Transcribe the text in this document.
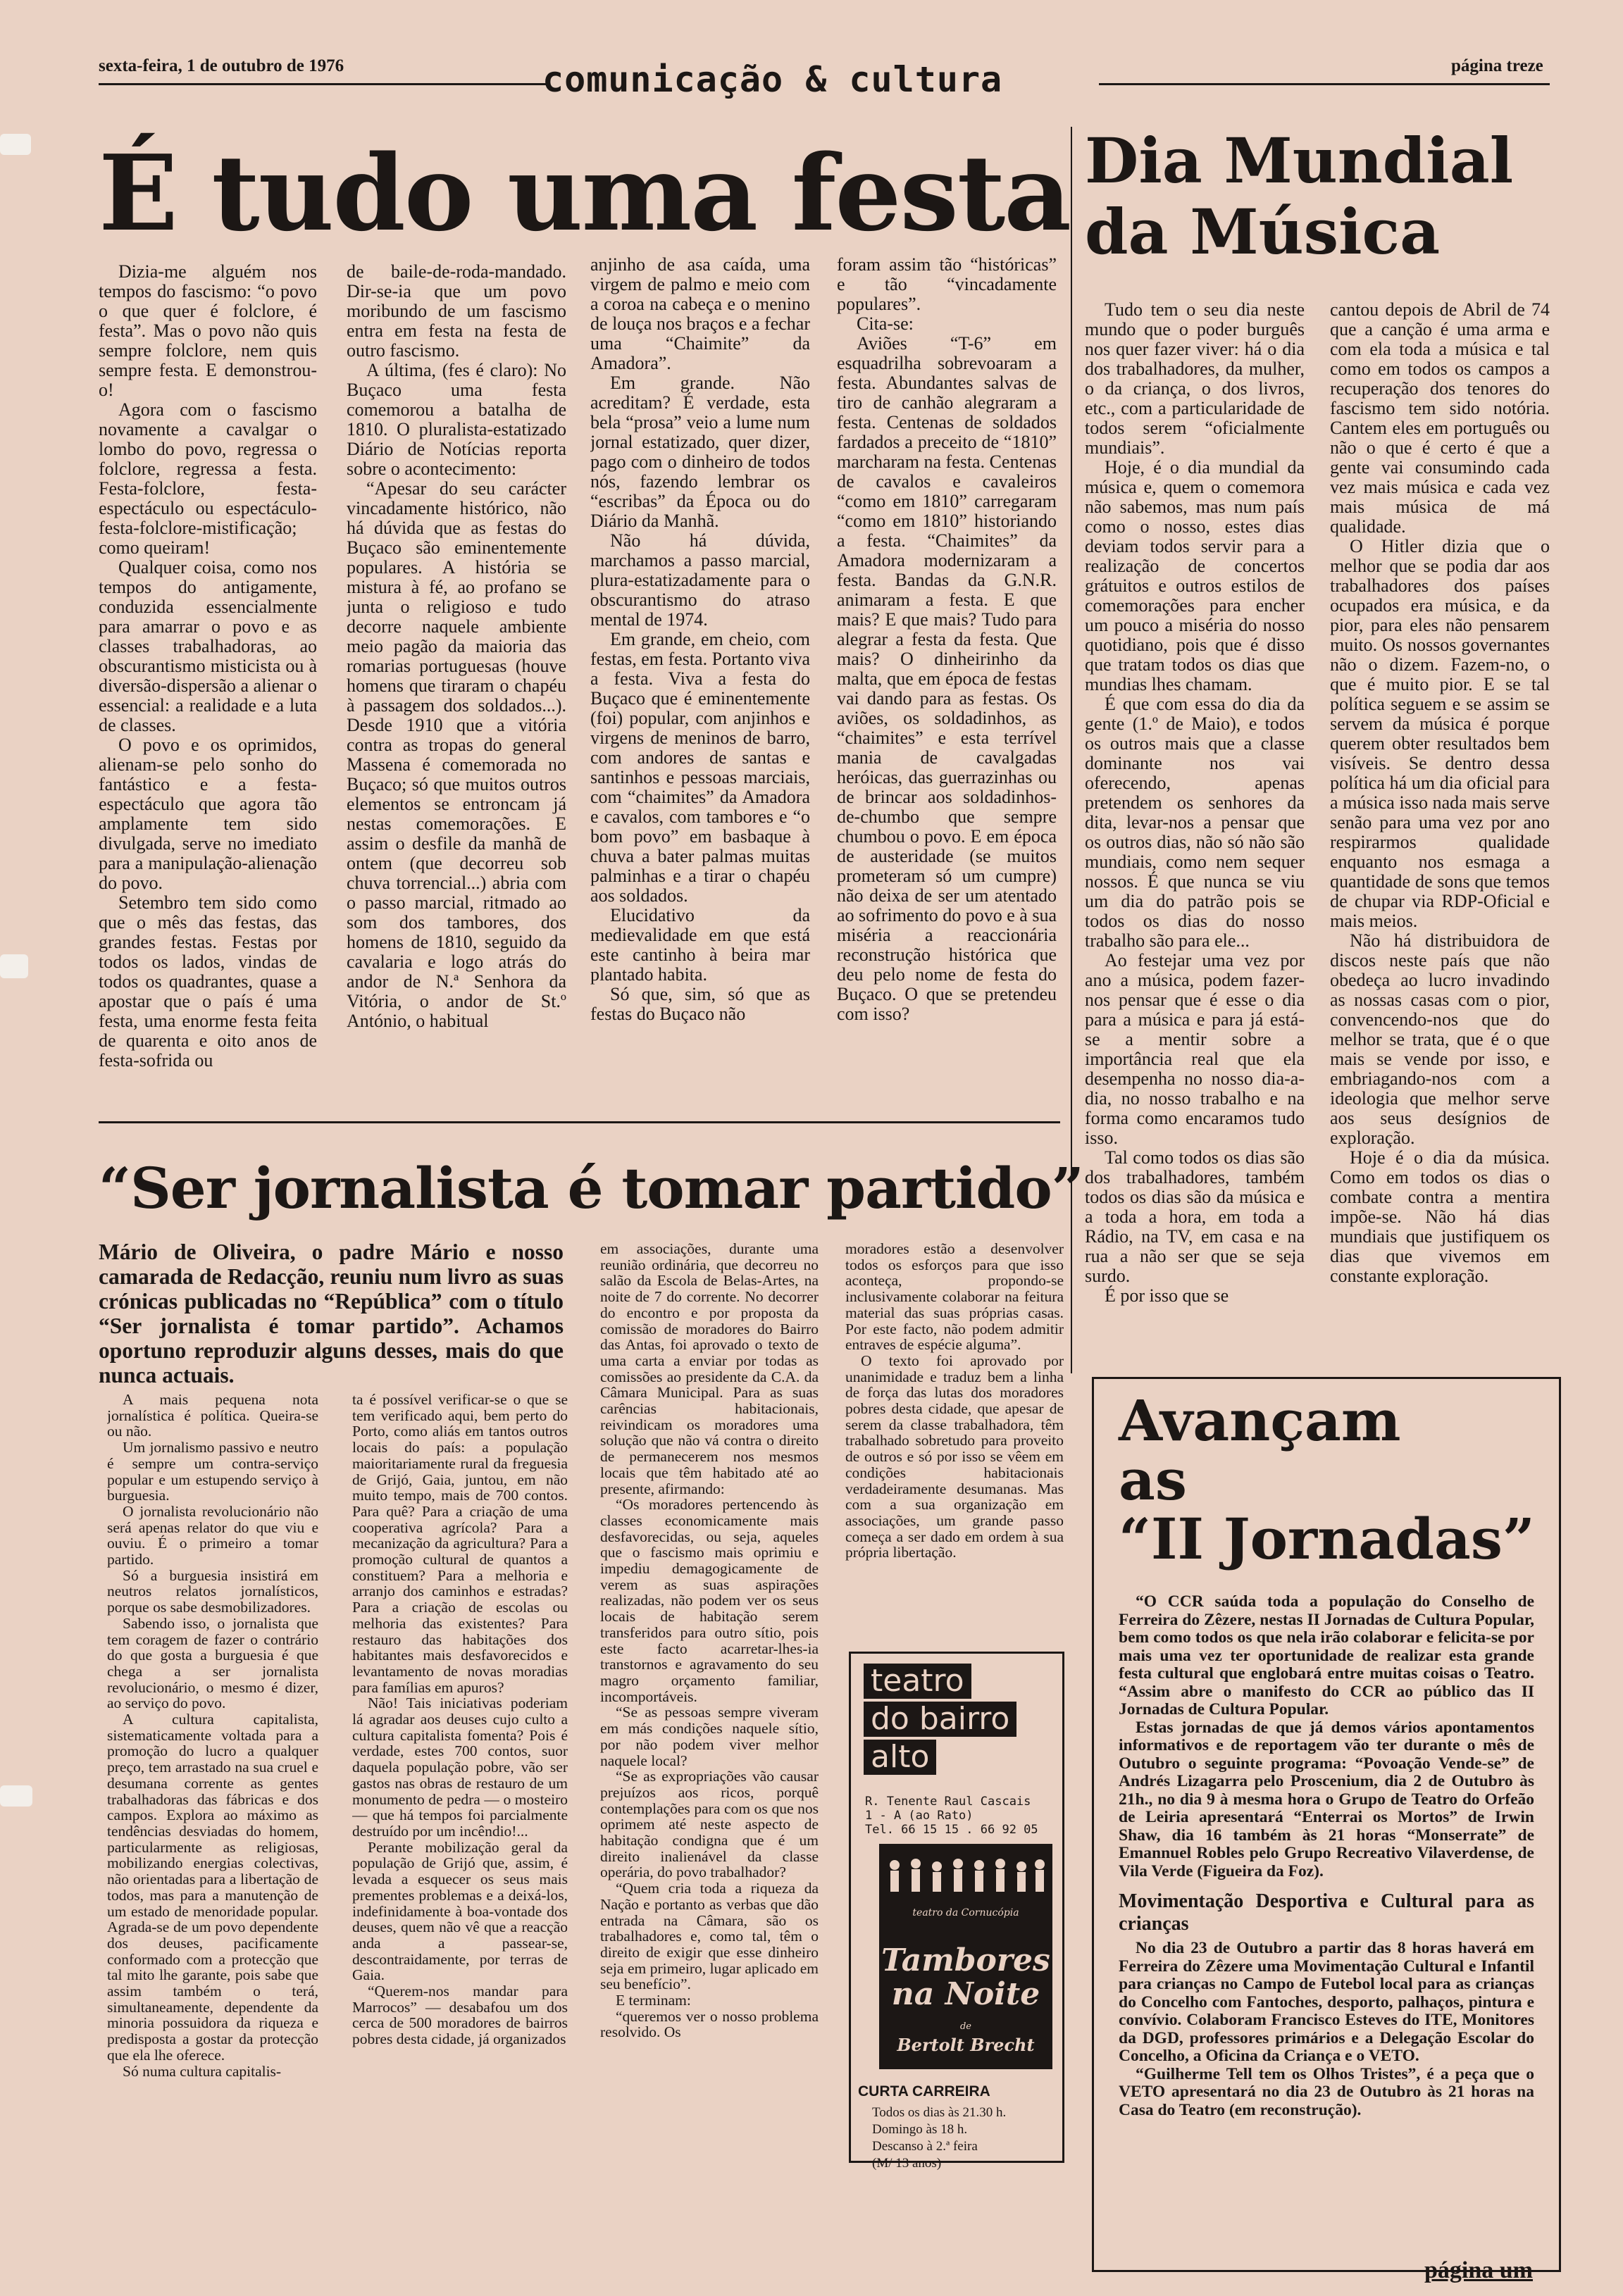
sexta-feira, 1 de outubro de 1976	comunicação & cultura	página treze
É tudo uma festa

Dizia-me alguém nos tempos do fascismo: “o povo o que quer é folclore, é festa”. Mas o povo não quis sempre folclore, nem quis sempre festa. E demonstrou-o!

Agora com o fascismo novamente a cavalgar o lombo do povo, regressa o folclore, regressa a festa. Festa-folclore, festa-espectáculo ou espectáculo-festa-folclore-mistificação; como queiram!

Qualquer coisa, como nos tempos do antigamente, conduzida essencialmente para amarrar o povo e as classes trabalhadoras, ao obscurantismo misticista ou à diversão-dispersão a alienar o essencial: a realidade e a luta de classes.

O povo e os oprimidos, alienam-se pelo sonho do fantástico e a festa-espectáculo que agora tão amplamente tem sido divulgada, serve no imediato para a manipulação-alienação do povo.

Setembro tem sido como que o mês das festas, das grandes festas. Festas por todos os lados, vindas de todos os quadrantes, quase a apostar que o país é uma festa, uma enorme festa feita de quarenta e oito anos de festa-sofrida ou

de baile-de-roda-mandado. Dir-se-ia que um povo moribundo de um fascismo entra em festa na festa de outro fascismo.

A última, (fes é claro): No Buçaco uma festa comemorou a batalha de 1810. O pluralista-estatizado Diário de Notícias reporta sobre o acontecimento:

“Apesar do seu carácter vincadamente histórico, não há dúvida que as festas do Buçaco são eminentemente populares. A história se mistura à fé, ao profano se junta o religioso e tudo decorre naquele ambiente meio pagão da maioria das romarias portuguesas (houve homens que tiraram o chapéu à passagem dos soldados...). Desde 1910 que a vitória contra as tropas do general Massena é comemorada no Buçaco; só que muitos outros elementos se entroncam já nestas comemorações. E assim o desfile da manhã de ontem (que decorreu sob chuva torrencial...) abria com o passo marcial, ritmado ao som dos tambores, dos homens de 1810, seguido da cavalaria e logo atrás do andor de N.ª Senhora da Vitória, o andor de St.º António, o habitual

anjinho de asa caída, uma virgem de palmo e meio com a coroa na cabeça e o menino de louça nos braços e a fechar uma “Chaimite” da Amadora”.

Em grande. Não acreditam? É verdade, esta bela “prosa” veio a lume num jornal estatizado, quer dizer, pago com o dinheiro de todos nós, fazendo lembrar os “escribas” da Época ou do Diário da Manhã.

Não há dúvida, marchamos a passo marcial, plura-estatizadamente para o obscurantismo do atraso mental de 1974.

Em grande, em cheio, com festas, em festa. Portanto viva a festa. Viva a festa do Buçaco que é eminentemente (foi) popular, com anjinhos e virgens de meninos de barro, com andores de santas e santinhos e pessoas marciais, com “chaimites” da Amadora e cavalos, com tambores e “o bom povo” em basbaque à chuva a bater palmas muitas palminhas e a tirar o chapéu aos soldados.

Elucidativo da medievalidade em que está este cantinho à beira mar plantado habita.

Só que, sim, só que as festas do Buçaco não

foram assim tão “históricas” e tão “vincadamente populares”.

Cita-se:

Aviões “T-6” em esquadrilha sobrevoaram a festa. Abundantes salvas de tiro de canhão alegraram a festa. Centenas de soldados fardados a preceito de “1810” marcharam na festa. Centenas de cavalos e cavaleiros “como em 1810” carregaram “como em 1810” historiando a festa. “Chaimites” da Amadora modernizaram a festa. Bandas da G.N.R. animaram a festa. E que mais? E que mais? Tudo para alegrar a festa da festa. Que mais? O dinheirinho da malta, que em época de festas vai dando para as festas. Os aviões, os soldadinhos, as “chaimites” e esta terrível mania de cavalgadas heróicas, das guerrazinhas ou de brincar aos soldadinhos-de-chumbo que sempre chumbou o povo. E em época de austeridade (se muitos prometeram só um cumpre) não deixa de ser um atentado ao sofrimento do povo e à sua miséria a reaccionária reconstrução histórica que deu pelo nome de festa do Buçaco. O que se pretendeu com isso?

Dia Mundial
da Música

Tudo tem o seu dia neste mundo que o poder burguês nos quer fazer viver: há o dia dos trabalhadores, da mulher, o da criança, o dos livros, etc., com a particularidade de todos serem “oficialmente mundiais”.

Hoje, é o dia mundial da música e, quem o comemora não sabemos, mas num país como o nosso, estes dias deviam todos servir para a realização de concertos grátuitos e outros estilos de comemorações para encher um pouco a miséria do nosso quotidiano, pois que é disso que tratam todos os dias que mundias lhes chamam.

É que com essa do dia da gente (1.º de Maio), e todos os outros mais que a classe dominante nos vai oferecendo, apenas pretendem os senhores da dita, levar-nos a pensar que os outros dias, não só não são mundiais, como nem sequer nossos. É que nunca se viu um dia do patrão pois se todos os dias do nosso trabalho são para ele...

Ao festejar uma vez por ano a música, podem fazer-nos pensar que é esse o dia para a música e para já está-se a mentir sobre a importância real que ela desempenha no nosso dia-a-dia, no nosso trabalho e na forma como encaramos tudo isso.

Tal como todos os dias são dos trabalhadores, também todos os dias são da música e a toda a hora, em toda a Rádio, na TV, em casa e na rua a não ser que se seja surdo.

É por isso que se

cantou depois de Abril de 74 que a canção é uma arma e com ela toda a música e tal como em todos os campos a recuperação dos tenores do fascismo tem sido notória. Cantem eles em português ou não o que é certo é que a gente vai consumindo cada vez mais música e cada vez mais música de má qualidade.

O Hitler dizia que o melhor que se podia dar aos trabalhadores dos países ocupados era música, e da pior, para eles não pensarem muito. Os nossos governantes não o dizem. Fazem-no, o que é muito pior. E se tal política seguem e se assim se servem da música é porque querem obter resultados bem visíveis. Se dentro dessa política há um dia oficial para a música isso nada mais serve senão para uma vez por ano respirarmos qualidade enquanto nos esmaga a quantidade de sons que temos de chupar via RDP-Oficial e mais meios.

Não há distribuidora de discos neste país que não obedeça ao lucro invadindo as nossas casas com o pior, convencendo-nos que do melhor se trata, que é o que mais se vende por isso, e embriagando-nos com a ideologia que melhor serve aos seus desígnios de exploração.

Hoje é o dia da música. Como em todos os dias o combate contra a mentira impõe-se. Não há dias mundiais que justifiquem os dias que vivemos em constante exploração.

“Ser jornalista é tomar partido”
Mário de Oliveira, o padre Mário e nosso camarada de Redacção, reuniu num livro as suas crónicas publicadas no “República” com o título “Ser jornalista é tomar partido”. Achamos oportuno reproduzir alguns desses, mais do que nunca actuais.

A mais pequena nota jornalística é política. Queira-se ou não.

Um jornalismo passivo e neutro é sempre um contra-serviço popular e um estupendo serviço à burguesia.

O jornalista revolucionário não será apenas relator do que viu e ouviu. É o primeiro a tomar partido.

Só a burguesia insistirá em neutros relatos jornalísticos, porque os sabe desmobilizadores.

Sabendo isso, o jornalista que tem coragem de fazer o contrário do que gosta a burguesia é que chega a ser jornalista revolucionário, o mesmo é dizer, ao serviço do povo.

A cultura capitalista, sistematicamente voltada para a promoção do lucro a qualquer preço, tem arrastado na sua cruel e desumana corrente as gentes trabalhadoras das fábricas e dos campos. Explora ao máximo as tendências desviadas do homem, particularmente as religiosas, mobilizando energias colectivas, não orientadas para a libertação de todos, mas para a manutenção de um estado de menoridade popular. Agrada-se de um povo dependente dos deuses, pacificamente conformado com a protecção que tal mito lhe garante, pois sabe que assim também o terá, simultaneamente, dependente da minoria possuidora da riqueza e predisposta a gostar da protecção que ela lhe oferece.

Só numa cultura capitalis-

ta é possível verificar-se o que se tem verificado aqui, bem perto do Porto, como aliás em tantos outros locais do país: a população maioritariamente rural da freguesia de Grijó, Gaia, juntou, em não muito tempo, mais de 700 contos. Para quê? Para a criação de uma cooperativa agrícola? Para a mecanização da agricultura? Para a promoção cultural de quantos a constituem? Para a melhoria e arranjo dos caminhos e estradas? Para a criação de escolas ou melhoria das existentes? Para restauro das habitações dos habitantes mais desfavorecidos e levantamento de novas moradias para famílias em apuros?

Não! Tais iniciativas poderiam lá agradar aos deuses cujo culto a cultura capitalista fomenta? Pois é verdade, estes 700 contos, suor daquela população pobre, vão ser gastos nas obras de restauro de um monumento de pedra — o mosteiro — que há tempos foi parcialmente destruído por um incêndio!...

Perante mobilização geral da população de Grijó que, assim, é levada a esquecer os seus mais prementes problemas e a deixá-los, indefinidamente à boa-vontade dos deuses, quem não vê que a reacção anda a passear-se, descontraidamente, por terras de Gaia.

“Querem-nos mandar para Marrocos” — desabafou um dos cerca de 500 moradores de bairros pobres desta cidade, já organizados

em associações, durante uma reunião ordinária, que decorreu no salão da Escola de Belas-Artes, na noite de 7 do corrente. No decorrer do encontro e por proposta da comissão de moradores do Bairro das Antas, foi aprovado o texto de uma carta a enviar por todas as comissões ao presidente da C.A. da Câmara Municipal. Para as suas carências habitacionais, reivindicam os moradores uma solução que não vá contra o direito de permanecerem nos mesmos locais que têm habitado até ao presente, afirmando:

“Os moradores pertencendo às classes economicamente mais desfavorecidas, ou seja, aqueles que o fascismo mais oprimiu e impediu demagogicamente de verem as suas aspirações realizadas, não podem ver os seus locais de habitação serem transferidos para outro sítio, pois este facto acarretar-lhes-ia transtornos e agravamento do seu magro orçamento familiar, incomportáveis.

“Se as pessoas sempre viveram em más condições naquele sítio, por não podem viver melhor naquele local?

“Se as expropriações vão causar prejuízos aos ricos, porquê contemplações para com os que nos oprimem até neste aspecto de habitação condigna que é um direito inalienável da classe operária, do povo trabalhador?

“Quem cria toda a riqueza da Nação e portanto as verbas que dão entrada na Câmara, são os trabalhadores e, como tal, têm o direito de exigir que esse dinheiro seja em primeiro, lugar aplicado em seu benefício”.

E terminam:

“queremos ver o nosso problema resolvido. Os

moradores estão a desenvolver todos os esforços para que isso aconteça, propondo-se inclusivamente colaborar na feitura material das suas próprias casas. Por este facto, não podem admitir entraves de espécie alguma”.

O texto foi aprovado por unanimidade e traduz bem a linha de força das lutas dos moradores pobres desta cidade, que apesar de serem da classe trabalhadora, têm trabalhado sobretudo para proveito de outros e só por isso se vêem em condições habitacionais verdadeiramente desumanas. Mas com a sua organização em associações, um grande passo começa a ser dado em ordem à sua própria libertação.

teatro
do bairro
alto
R. Tenente Raul Cascais
1 - A (ao Rato)
Tel. 66 15 15 . 66 92 05
teatro da Cornucópia
Tambores
na Noite
de
Bertolt Brecht
CURTA CARREIRA
Todos os dias às 21.30 h.
Domingo às 18 h.
Descanso à 2.ª feira
(M/ 13 anos)
Avançam
as
“II Jornadas”

“O CCR saúda toda a população do Conselho de Ferreira do Zêzere, nestas II Jornadas de Cultura Popular, bem como todos os que nela irão colaborar e felicita-se por mais uma vez ter oportunidade de realizar esta grande festa cultural que englobará entre muitas coisas o Teatro. “Assim abre o manifesto do CCR ao público das II Jornadas de Cultura Popular.

Estas jornadas de que já demos vários apontamentos informativos e de reportagem vão ter durante o mês de Outubro o seguinte programa: “Povoação Vende-se” de Andrés Lizagarra pelo Proscenium, dia 2 de Outubro às 21h., no dia 9 à mesma hora o Grupo de Teatro do Orfeão de Leiria apresentará “Enterrai os Mortos” de Irwin Shaw, dia 16 também às 21 horas “Monserrate” de Emannuel Robles pelo Grupo Recreativo Vilaverdense, de Vila Verde (Figueira da Foz).

Movimentação Desportiva e Cultural para as crianças

No dia 23 de Outubro a partir das 8 horas haverá em Ferreira do Zêzere uma Movimentação Cultural e Infantil para crianças no Campo de Futebol local para as crianças do Concelho com Fantoches, desporto, palhaços, pintura e convívio. Colaboram Francisco Esteves do ITE, Monitores da DGD, professores primários e a Delegação Escolar do Concelho, a Oficina da Criança e o VETO.

“Guilherme Tell tem os Olhos Tristes”, é a peça que o VETO apresentará no dia 23 de Outubro às 21 horas na Casa do Teatro (em reconstrução).

página um
